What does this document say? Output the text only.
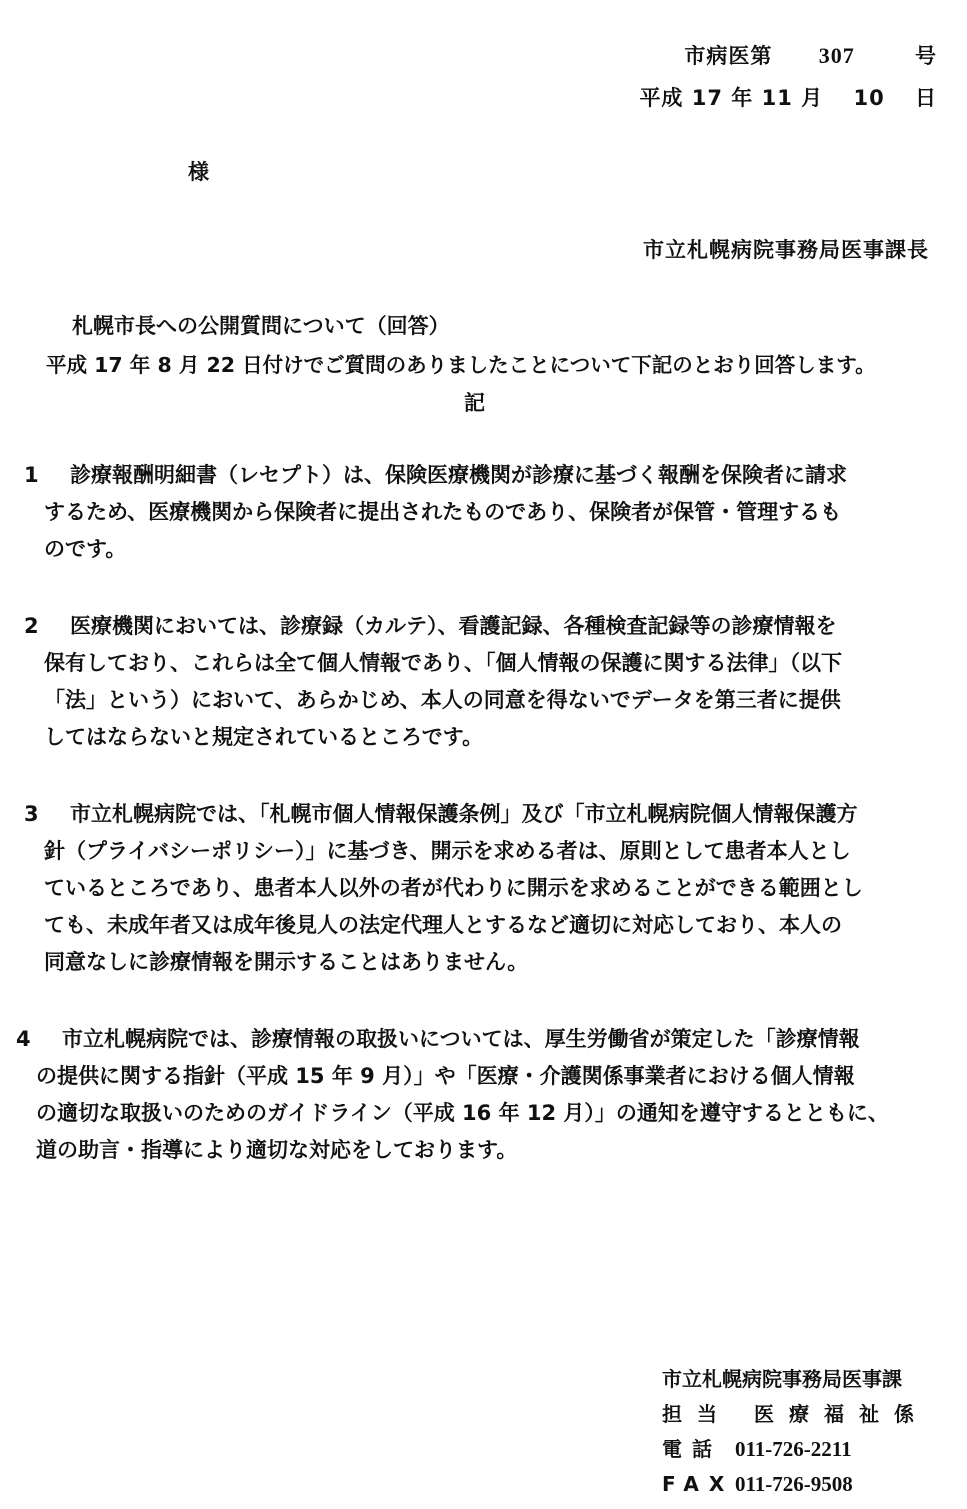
市病医第 307	号
平成 17 年 11 月 10 日
様
市立札幌病院事務局医事課長
札幌市長への公開質問について（回答）
平成 17 年 8 月 22 日付けでご質問のありましたことについて下記のとおり回答します。
記
1	診療報酬明細書（レセプト）は、保険医療機関が診療に基づく報酬を保険者に請求
するため、医療機関から保険者に提出されたものであり、保険者が保管・管理するも
のです。
2	医療機関においては、診療録（カルテ）、看護記録、各種検査記録等の診療情報を
保有しており、これらは全て個人情報であり、「個人情報の保護に関する法律」（以下
「法」という）において、あらかじめ、本人の同意を得ないでデータを第三者に提供
してはならないと規定されているところです。
3	市立札幌病院では、「札幌市個人情報保護条例」及び「市立札幌病院個人情報保護方
針（プライバシーポリシー）」に基づき、開示を求める者は、原則として患者本人とし
ているところであり、患者本人以外の者が代わりに開示を求めることができる範囲とし
ても、未成年者又は成年後見人の法定代理人とするなど適切に対応しており、本人の
同意なしに診療情報を開示することはありません。
4	市立札幌病院では、診療情報の取扱いについては、厚生労働省が策定した「診療情報
の提供に関する指針（平成 15 年 9 月）」や「医療・介護関係事業者における個人情報
の適切な取扱いのためのガイドライン（平成 16 年 12 月）」の通知を遵守するとともに、
道の助言・指導により適切な対応をしております。
市立札幌病院事務局医事課
担当 医療福祉係
電話 011-726-2211
FAX 011-726-9508
